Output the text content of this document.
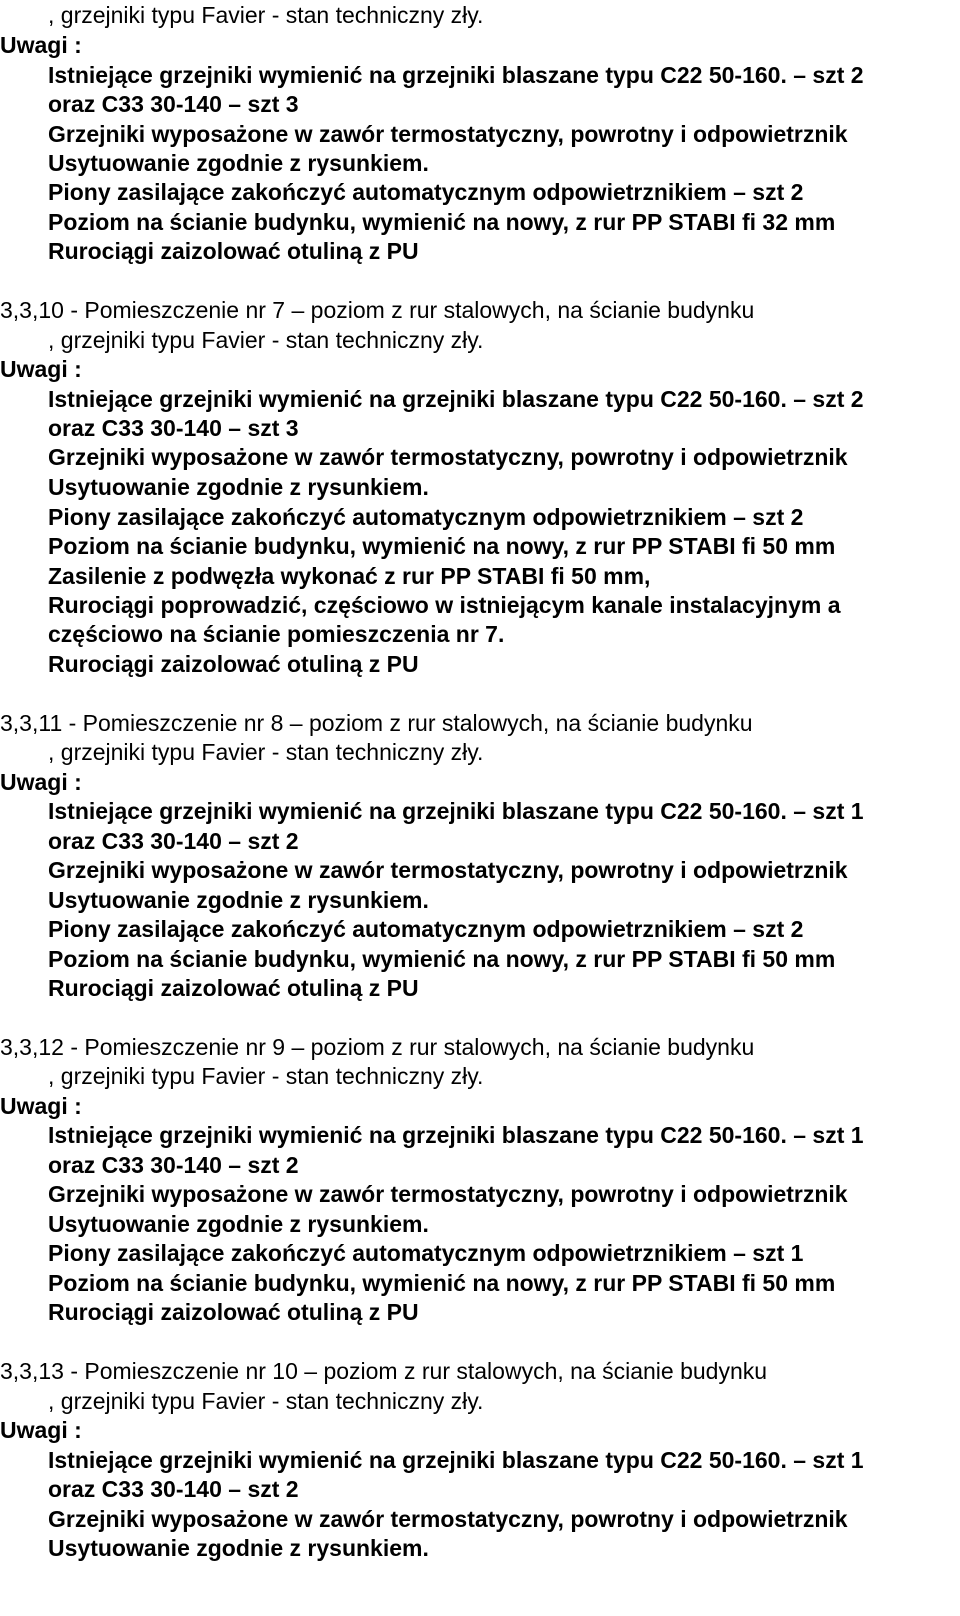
, grzejniki typu Favier - stan techniczny zły.
Uwagi :
Istniejące grzejniki wymienić na grzejniki blaszane typu C22 50-160. – szt 2
oraz C33 30-140 – szt 3
Grzejniki wyposażone w zawór termostatyczny, powrotny i odpowietrznik
Usytuowanie zgodnie z rysunkiem.
Piony zasilające zakończyć automatycznym odpowietrznikiem – szt 2
Poziom na ścianie budynku, wymienić na nowy, z rur PP STABI fi 32 mm
Rurociągi zaizolować otuliną z PU
3,3,10 - Pomieszczenie nr 7 – poziom z rur stalowych, na ścianie budynku
, grzejniki typu Favier - stan techniczny zły.
Uwagi :
Istniejące grzejniki wymienić na grzejniki blaszane typu C22 50-160. – szt 2
oraz C33 30-140 – szt 3
Grzejniki wyposażone w zawór termostatyczny, powrotny i odpowietrznik
Usytuowanie zgodnie z rysunkiem.
Piony zasilające zakończyć automatycznym odpowietrznikiem – szt 2
Poziom na ścianie budynku, wymienić na nowy, z rur PP STABI fi 50 mm
Zasilenie z podwęzła wykonać z rur PP STABI fi 50 mm,
Rurociągi poprowadzić, częściowo w istniejącym kanale instalacyjnym a
częściowo na ścianie pomieszczenia nr 7.
Rurociągi zaizolować otuliną z PU
3,3,11 - Pomieszczenie nr 8 – poziom z rur stalowych, na ścianie budynku
, grzejniki typu Favier - stan techniczny zły.
Uwagi :
Istniejące grzejniki wymienić na grzejniki blaszane typu C22 50-160. – szt 1
oraz C33 30-140 – szt 2
Grzejniki wyposażone w zawór termostatyczny, powrotny i odpowietrznik
Usytuowanie zgodnie z rysunkiem.
Piony zasilające zakończyć automatycznym odpowietrznikiem – szt 2
Poziom na ścianie budynku, wymienić na nowy, z rur PP STABI fi 50 mm
Rurociągi zaizolować otuliną z PU
3,3,12 - Pomieszczenie nr 9 – poziom z rur stalowych, na ścianie budynku
, grzejniki typu Favier - stan techniczny zły.
Uwagi :
Istniejące grzejniki wymienić na grzejniki blaszane typu C22 50-160. – szt 1
oraz C33 30-140 – szt 2
Grzejniki wyposażone w zawór termostatyczny, powrotny i odpowietrznik
Usytuowanie zgodnie z rysunkiem.
Piony zasilające zakończyć automatycznym odpowietrznikiem – szt 1
Poziom na ścianie budynku, wymienić na nowy, z rur PP STABI fi 50 mm
Rurociągi zaizolować otuliną z PU
3,3,13 - Pomieszczenie nr 10 – poziom z rur stalowych, na ścianie budynku
, grzejniki typu Favier - stan techniczny zły.
Uwagi :
Istniejące grzejniki wymienić na grzejniki blaszane typu C22 50-160. – szt 1
oraz C33 30-140 – szt 2
Grzejniki wyposażone w zawór termostatyczny, powrotny i odpowietrznik
Usytuowanie zgodnie z rysunkiem.
